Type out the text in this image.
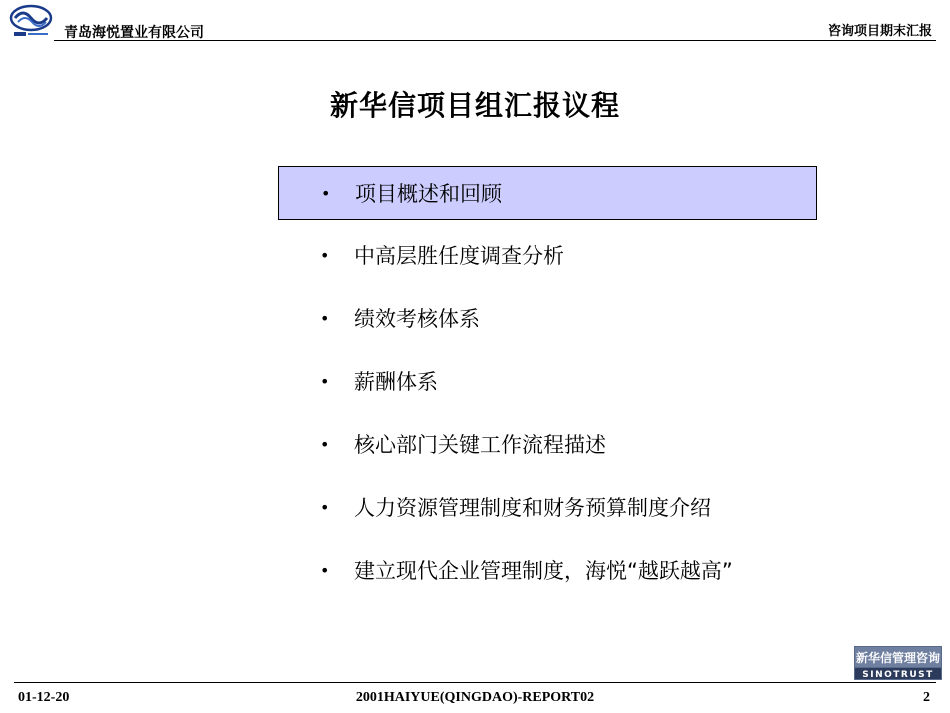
青岛海悦置业有限公司	咨询项目期末汇报
新华信项目组汇报议程
• 项目概述和回顾
• 中高层胜任度调查分析
• 绩效考核体系
• 薪酬体系
• 核心部门关键工作流程描述
• 人力资源管理制度和财务预算制度介绍
• 建立现代企业管理制度，海悦“越跃越高”
新华信管理咨询
SINOTRUST
01-12-20	2001HAIYUE(QINGDAO)-REPORT02	2
